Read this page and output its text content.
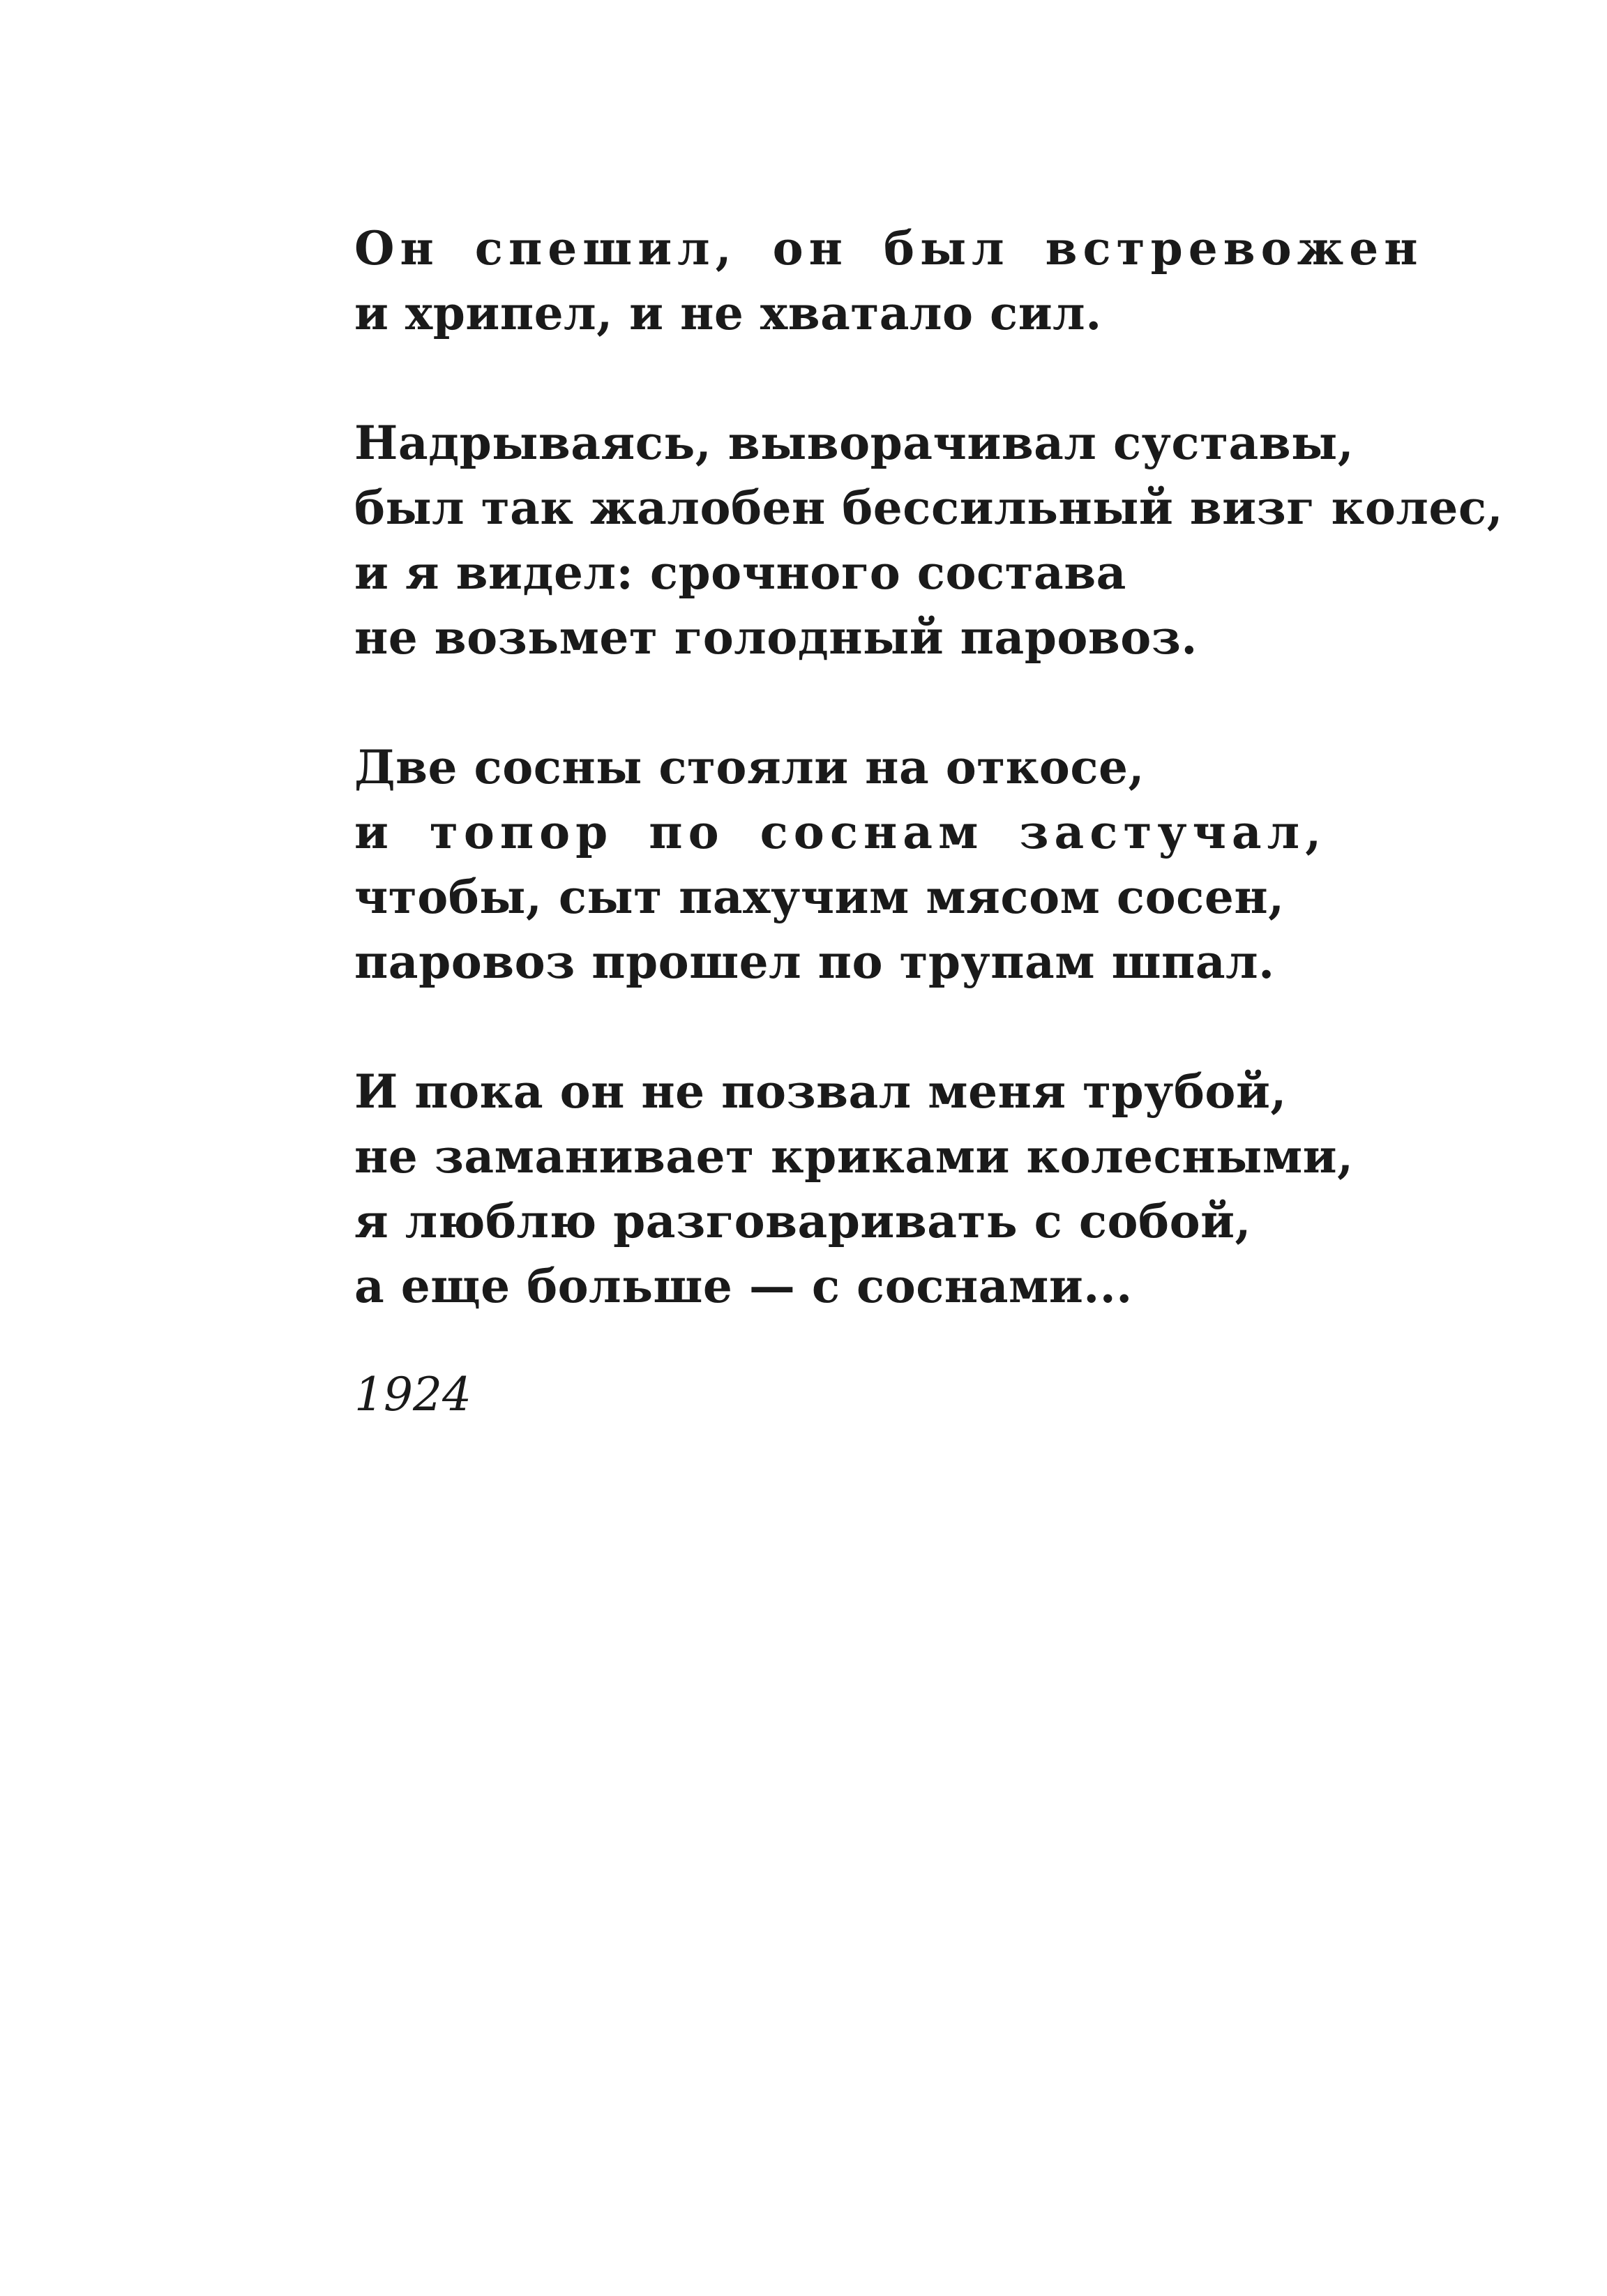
Он спешил, он был встревожен
и хрипел, и не хватало сил.

Надрываясь, выворачивал суставы,
был так жалобен бессильный визг колес,
и я видел: срочного состава
не возьмет голодный паровоз.

Две сосны стояли на откосе,
и топор по соснам застучал,
чтобы, сыт пахучим мясом сосен,
паровоз прошел по трупам шпал.

И пока он не позвал меня трубой,
не заманивает криками колесными,
я люблю разговаривать с собой,
а еще больше — с соснами...

1924
